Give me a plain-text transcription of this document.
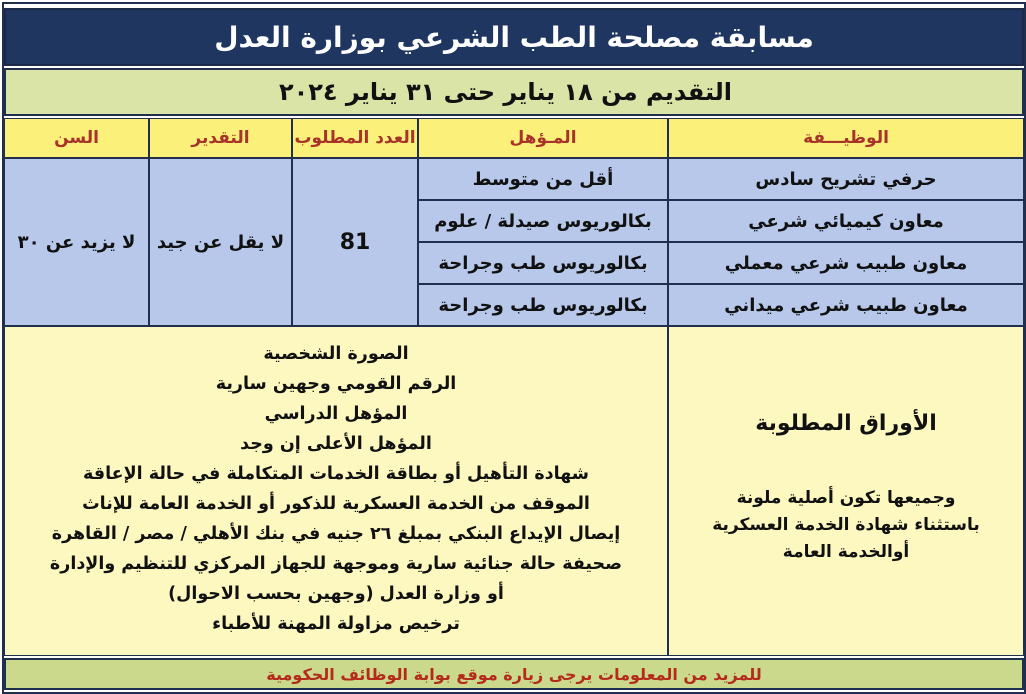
مسابقة مصلحة الطب الشرعي بوزارة العدل
التقديم من ١٨ يناير حتى ٣١ يناير ٢٠٢٤
الوظيـــفة
المـؤهل
العدد المطلوب
التقدير
السن
حرفي تشريح سادس
أقل من متوسط
معاون كيميائي شرعي
بكالوريوس صيدلة / علوم
معاون طبيب شرعي معملي
بكالوريوس طب وجراحة
معاون طبيب شرعي ميداني
بكالوريوس طب وجراحة
81
لا يقل عن جيد
لا يزيد عن ٣٠
الأوراق المطلوبة
وجميعها تكون أصلية ملونة
باستثناء شهادة الخدمة العسكرية
أوالخدمة العامة
الصورة الشخصية
الرقم القومي وجهين سارية
المؤهل الدراسي
المؤهل الأعلى إن وجد
شهادة التأهيل أو بطاقة الخدمات المتكاملة في حالة الإعاقة
الموقف من الخدمة العسكرية للذكور أو الخدمة العامة للإناث
إيصال الإيداع البنكي بمبلغ ٢٦ جنيه في بنك الأهلي / مصر / القاهرة
صحيفة حالة جنائية سارية وموجهة للجهاز المركزي للتنظيم والإدارة
أو وزارة العدل (وجهين بحسب الاحوال)
ترخيص مزاولة المهنة للأطباء
للمزيد من المعلومات يرجى زيارة موقع بوابة الوظائف الحكومية
